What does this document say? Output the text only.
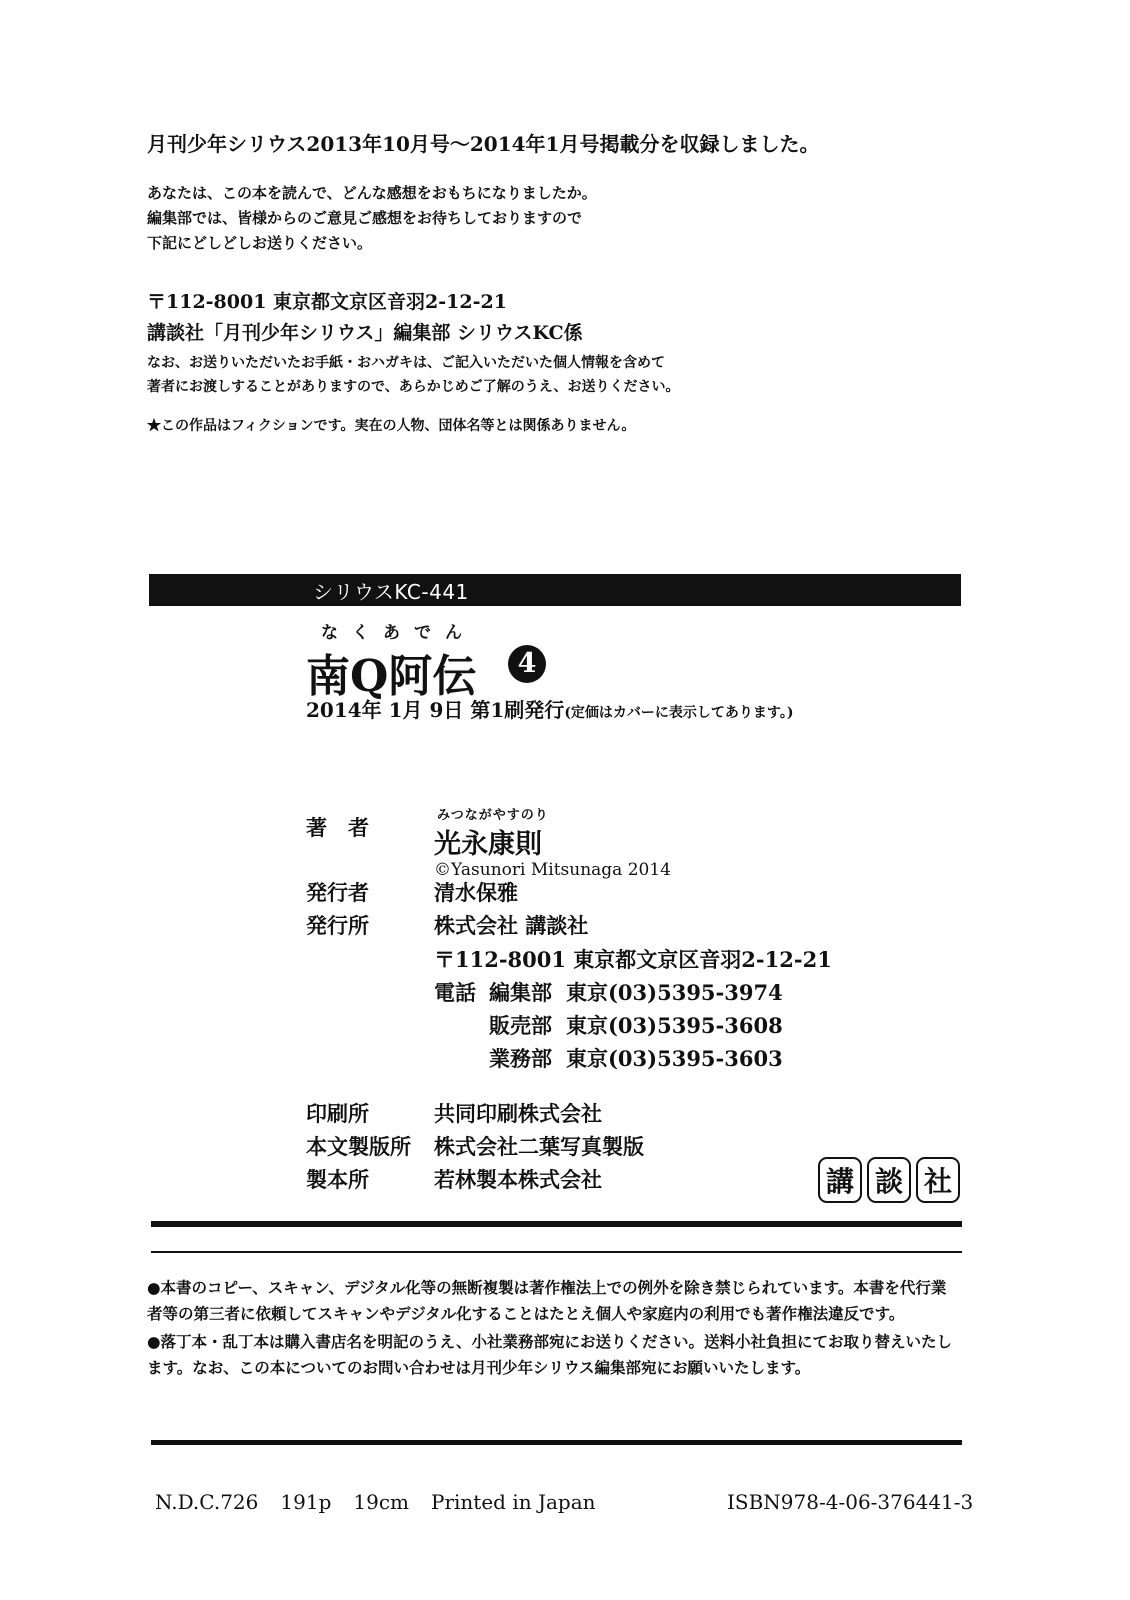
月刊少年シリウス2013年10月号～2014年1月号掲載分を収録しました。
あなたは、この本を読んで、どんな感想をおもちになりましたか。
編集部では、皆様からのご意見ご感想をお待ちしておりますので
下記にどしどしお送りください。
〒112-8001 東京都文京区音羽2-12-21
講談社「月刊少年シリウス」編集部 シリウスKC係
なお、お送りいただいたお手紙・おハガキは、ご記入いただいた個人情報を含めて
著者にお渡しすることがありますので、あらかじめご了解のうえ、お送りください。
★この作品はフィクションです。実在の人物、団体名等とは関係ありません。
シリウスKC-441
なくあでん
南Q阿伝	4
2014年 1月 9日 第1刷発行(定価はカバーに表示してあります。)
著　者	みつながやすのり
光永康則
©Yasunori Mitsunaga 2014
発行者	清水保雅
発行所	株式会社 講談社
〒112-8001 東京都文京区音羽2-12-21
電話 編集部 東京(03)5395-3974
販売部 東京(03)5395-3608
業務部 東京(03)5395-3603
印刷所	共同印刷株式会社
本文製版所 株式会社二葉写真製版
製本所	若林製本株式会社	講 談 社
●本書のコピー、スキャン、デジタル化等の無断複製は著作権法上での例外を除き禁じられています。本書を代行業
者等の第三者に依頼してスキャンやデジタル化することはたとえ個人や家庭内の利用でも著作権法違反です。
●落丁本・乱丁本は購入書店名を明記のうえ、小社業務部宛にお送りください。送料小社負担にてお取り替えいたし
ます。なお、この本についてのお問い合わせは月刊少年シリウス編集部宛にお願いいたします。
N.D.C.726 191p 19cm Printed in Japan	ISBN978-4-06-376441-3
